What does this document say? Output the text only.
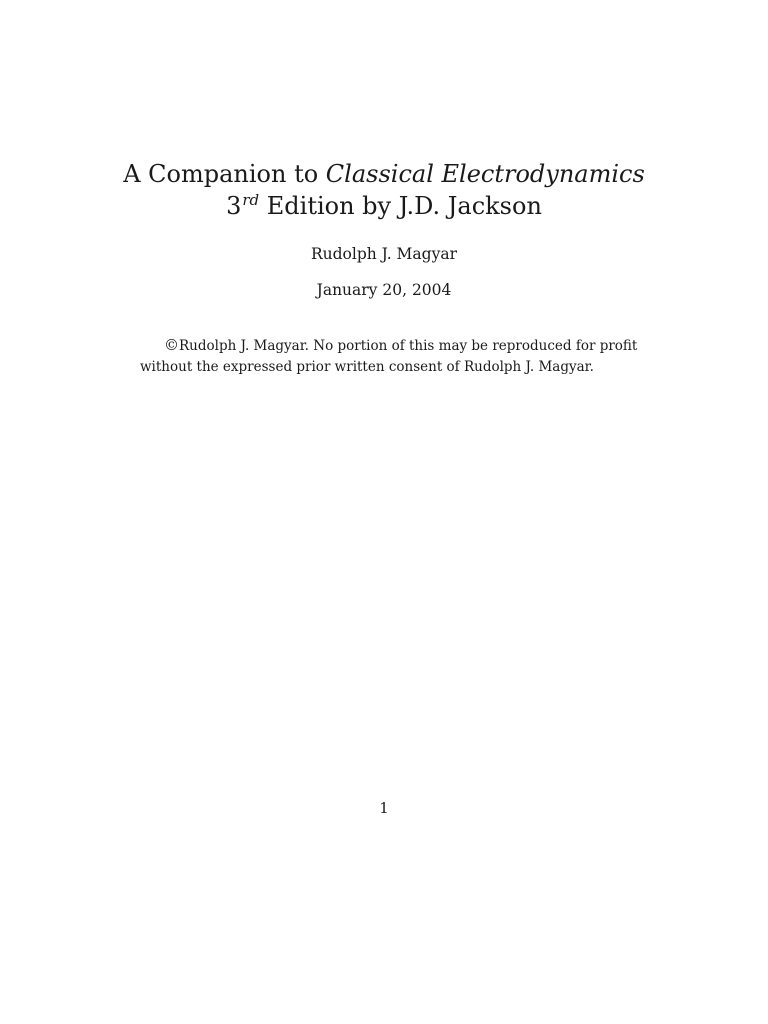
A Companion to Classical Electrodynamics
3rd Edition by J.D. Jackson
Rudolph J. Magyar
January 20, 2004
©Rudolph J. Magyar. No portion of this may be reproduced for profit
without the expressed prior written consent of Rudolph J. Magyar.
1
